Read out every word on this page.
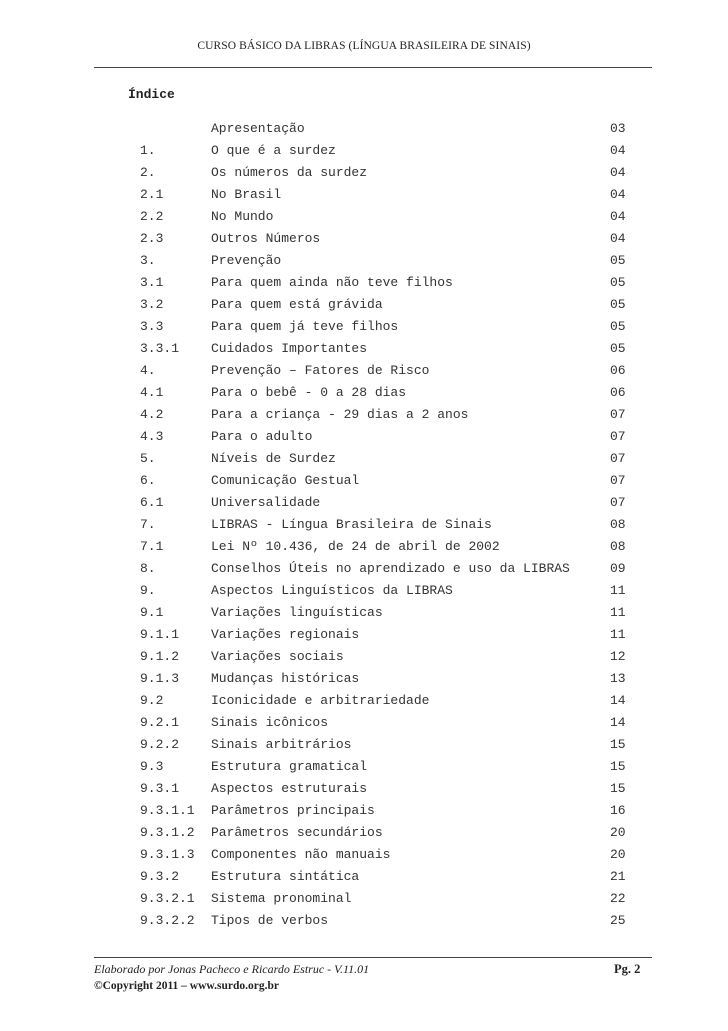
CURSO BÁSICO DA LIBRAS (LÍNGUA BRASILEIRA DE SINAIS)
Índice
Apresentação	03
1.	O que é a surdez	04
2.	Os números da surdez	04
2.1	No Brasil	04
2.2	No Mundo	04
2.3	Outros Números	04
3.	Prevenção	05
3.1	Para quem ainda não teve filhos	05
3.2	Para quem está grávida	05
3.3	Para quem já teve filhos	05
3.3.1 Cuidados Importantes	05
4.	Prevenção – Fatores de Risco	06
4.1	Para o bebê - 0 a 28 dias	06
4.2	Para a criança - 29 dias a 2 anos	07
4.3	Para o adulto	07
5.	Níveis de Surdez	07
6.	Comunicação Gestual	07
6.1	Universalidade	07
7.	LIBRAS - Língua Brasileira de Sinais	08
7.1	Lei Nº 10.436, de 24 de abril de 2002	08
8.	Conselhos Úteis no aprendizado e uso da LIBRAS	09
9.	Aspectos Linguísticos da LIBRAS	11
9.1	Variações linguísticas	11
9.1.1 Variações regionais	11
9.1.2 Variações sociais	12
9.1.3 Mudanças históricas	13
9.2	Iconicidade e arbitrariedade	14
9.2.1 Sinais icônicos	14
9.2.2 Sinais arbitrários	15
9.3	Estrutura gramatical	15
9.3.1 Aspectos estruturais	15
9.3.1.1 Parâmetros principais	16
9.3.1.2 Parâmetros secundários	20
9.3.1.3 Componentes não manuais	20
9.3.2 Estrutura sintática	21
9.3.2.1 Sistema pronominal	22
9.3.2.2 Tipos de verbos	25
Elaborado por Jonas Pacheco e Ricardo Estruc - V.11.01	Pg. 2
©Copyright 2011 – www.surdo.org.br
